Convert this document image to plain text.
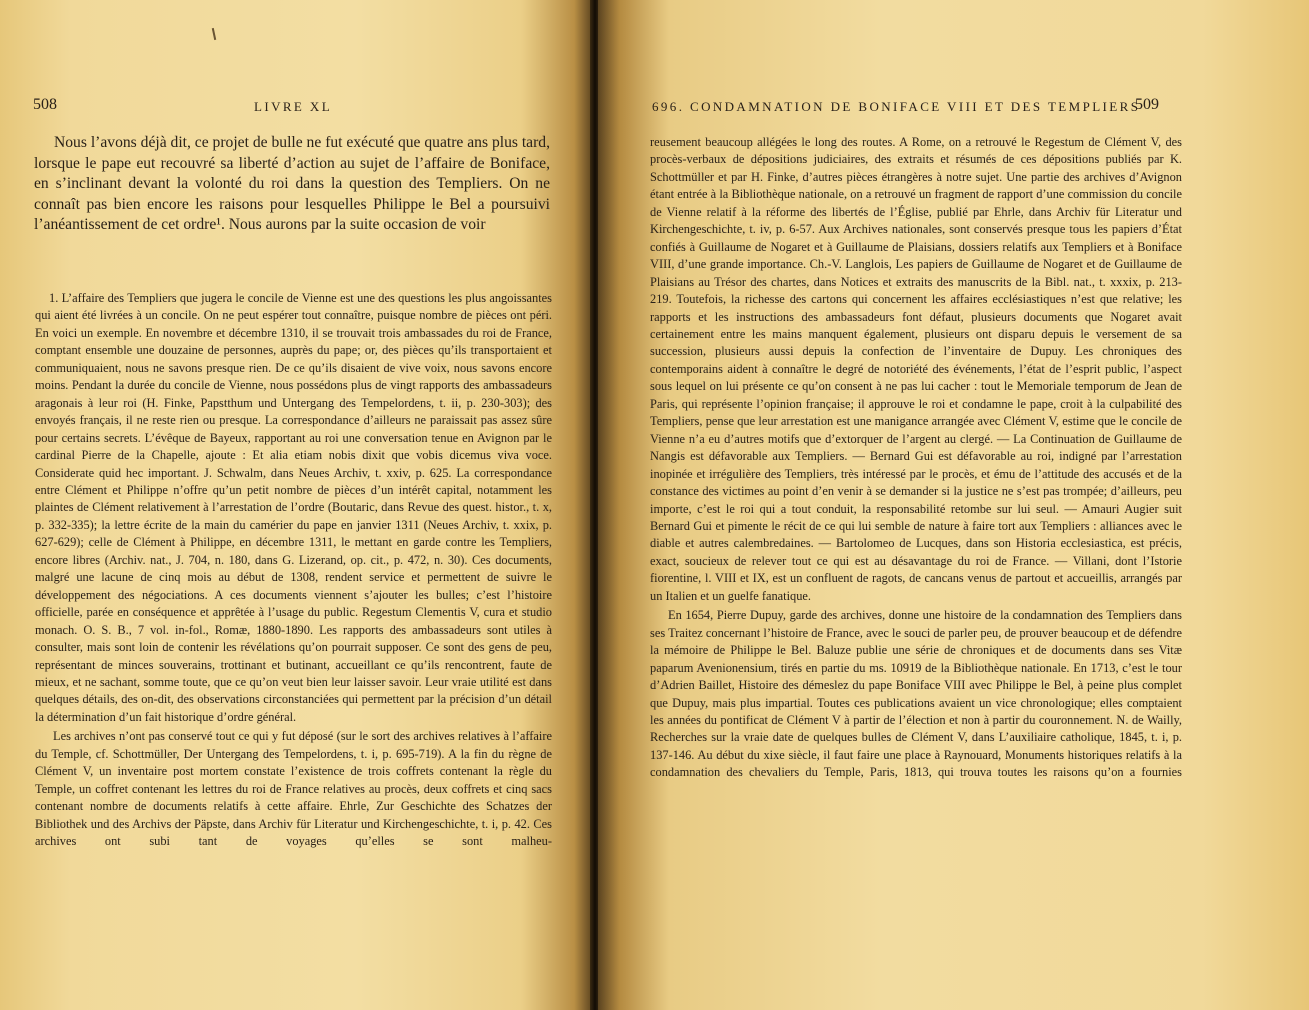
508	LIVRE XL

Nous l’avons déjà dit, ce projet de bulle ne fut exécuté que quatre ans plus tard, lorsque le pape eut recouvré sa liberté d’action au sujet de l’affaire de Boniface, en s’inclinant devant la volonté du roi dans la question des Templiers. On ne connaît pas bien encore les raisons pour lesquelles Philippe le Bel a poursuivi l’anéantissement de cet ordre¹. Nous aurons par la suite occasion de voir

1. L’affaire des Templiers que jugera le concile de Vienne est une des questions les plus angoissantes qui aient été livrées à un concile. On ne peut espérer tout connaître, puisque nombre de pièces ont péri. En voici un exemple. En novembre et décembre 1310, il se trouvait trois ambassades du roi de France, comptant ensemble une douzaine de personnes, auprès du pape; or, des pièces qu’ils transportaient et communiquaient, nous ne savons presque rien. De ce qu’ils disaient de vive voix, nous savons encore moins. Pendant la durée du concile de Vienne, nous possédons plus de vingt rapports des ambassadeurs aragonais à leur roi (H. Finke, Papstthum und Untergang des Tempelordens, t. ii, p. 230-303); des envoyés français, il ne reste rien ou presque. La correspondance d’ailleurs ne paraissait pas assez sûre pour certains secrets. L’évêque de Bayeux, rapportant au roi une conversation tenue en Avignon par le cardinal Pierre de la Chapelle, ajoute : Et alia etiam nobis dixit que vobis dicemus viva voce. Considerate quid hec important. J. Schwalm, dans Neues Archiv, t. xxiv, p. 625. La correspondance entre Clément et Philippe n’offre qu’un petit nombre de pièces d’un intérêt capital, notamment les plaintes de Clément relativement à l’arrestation de l’ordre (Boutaric, dans Revue des quest. histor., t. x, p. 332-335); la lettre écrite de la main du camérier du pape en janvier 1311 (Neues Archiv, t. xxix, p. 627-629); celle de Clément à Philippe, en décembre 1311, le mettant en garde contre les Templiers, encore libres (Archiv. nat., J. 704, n. 180, dans G. Lizerand, op. cit., p. 472, n. 30). Ces documents, malgré une lacune de cinq mois au début de 1308, rendent service et permettent de suivre le développement des négociations. A ces documents viennent s’ajouter les bulles; c’est l’histoire officielle, parée en conséquence et apprêtée à l’usage du public. Regestum Clementis V, cura et studio monach. O. S. B., 7 vol. in-fol., Romæ, 1880-1890. Les rapports des ambassadeurs sont utiles à consulter, mais sont loin de contenir les révélations qu’on pourrait supposer. Ce sont des gens de peu, représentant de minces souverains, trottinant et butinant, accueillant ce qu’ils rencontrent, faute de mieux, et ne sachant, somme toute, que ce qu’on veut bien leur laisser savoir. Leur vraie utilité est dans quelques détails, des on-dit, des observations circonstanciées qui permettent par la précision d’un détail la détermination d’un fait historique d’ordre général.

Les archives n’ont pas conservé tout ce qui y fut déposé (sur le sort des archives relatives à l’affaire du Temple, cf. Schottmüller, Der Untergang des Tempelordens, t. i, p. 695-719). A la fin du règne de Clément V, un inventaire post mortem constate l’existence de trois coffrets contenant la règle du Temple, un coffret contenant les lettres du roi de France relatives au procès, deux coffrets et cinq sacs contenant nombre de documents relatifs à cette affaire. Ehrle, Zur Geschichte des Schatzes der Bibliothek und des Archivs der Päpste, dans Archiv für Literatur und Kirchengeschichte, t. i, p. 42. Ces archives ont subi tant de voyages qu’elles se sont malheu-

696. CONDAMNATION DE BONIFACE VIII ET DES TEMPLIERS
509

reusement beaucoup allégées le long des routes. A Rome, on a retrouvé le Regestum de Clément V, des procès-verbaux de dépositions judiciaires, des extraits et résumés de ces dépositions publiés par K. Schottmüller et par H. Finke, d’autres pièces étrangères à notre sujet. Une partie des archives d’Avignon étant entrée à la Bibliothèque nationale, on a retrouvé un fragment de rapport d’une commission du concile de Vienne relatif à la réforme des libertés de l’Église, publié par Ehrle, dans Archiv für Literatur und Kirchengeschichte, t. iv, p. 6-57. Aux Archives nationales, sont conservés presque tous les papiers d’État confiés à Guillaume de Nogaret et à Guillaume de Plaisians, dossiers relatifs aux Templiers et à Boniface VIII, d’une grande importance. Ch.-V. Langlois, Les papiers de Guillaume de Nogaret et de Guillaume de Plaisians au Trésor des chartes, dans Notices et extraits des manuscrits de la Bibl. nat., t. xxxix, p. 213-219. Toutefois, la richesse des cartons qui concernent les affaires ecclésiastiques n’est que relative; les rapports et les instructions des ambassadeurs font défaut, plusieurs documents que Nogaret avait certainement entre les mains manquent également, plusieurs ont disparu depuis le versement de sa succession, plusieurs aussi depuis la confection de l’inventaire de Dupuy. Les chroniques des contemporains aident à connaître le degré de notoriété des événements, l’état de l’esprit public, l’aspect sous lequel on lui présente ce qu’on consent à ne pas lui cacher : tout le Memoriale temporum de Jean de Paris, qui représente l’opinion française; il approuve le roi et condamne le pape, croit à la culpabilité des Templiers, pense que leur arrestation est une manigance arrangée avec Clément V, estime que le concile de Vienne n’a eu d’autres motifs que d’extorquer de l’argent au clergé. — La Continuation de Guillaume de Nangis est défavorable aux Templiers. — Bernard Gui est défavorable au roi, indigné par l’arrestation inopinée et irrégulière des Templiers, très intéressé par le procès, et ému de l’attitude des accusés et de la constance des victimes au point d’en venir à se demander si la justice ne s’est pas trompée; d’ailleurs, peu importe, c’est le roi qui a tout conduit, la responsabilité retombe sur lui seul. — Amauri Augier suit Bernard Gui et pimente le récit de ce qui lui semble de nature à faire tort aux Templiers : alliances avec le diable et autres calembredaines. — Bartolomeo de Lucques, dans son Historia ecclesiastica, est précis, exact, soucieux de relever tout ce qui est au désavantage du roi de France. — Villani, dont l’Istorie fiorentine, l. VIII et IX, est un confluent de ragots, de cancans venus de partout et accueillis, arrangés par un Italien et un guelfe fanatique.

En 1654, Pierre Dupuy, garde des archives, donne une histoire de la condamnation des Templiers dans ses Traitez concernant l’histoire de France, avec le souci de parler peu, de prouver beaucoup et de défendre la mémoire de Philippe le Bel. Baluze publie une série de chroniques et de documents dans ses Vitæ paparum Avenionensium, tirés en partie du ms. 10919 de la Bibliothèque nationale. En 1713, c’est le tour d’Adrien Baillet, Histoire des démeslez du pape Boniface VIII avec Philippe le Bel, à peine plus complet que Dupuy, mais plus impartial. Toutes ces publications avaient un vice chronologique; elles comptaient les années du pontificat de Clément V à partir de l’élection et non à partir du couronnement. N. de Wailly, Recherches sur la vraie date de quelques bulles de Clément V, dans L’auxiliaire catholique, 1845, t. i, p. 137-146. Au début du xixe siècle, il faut faire une place à Raynouard, Monuments historiques relatifs à la condamnation des chevaliers du Temple, Paris, 1813, qui trouva toutes les raisons qu’on a fournies
